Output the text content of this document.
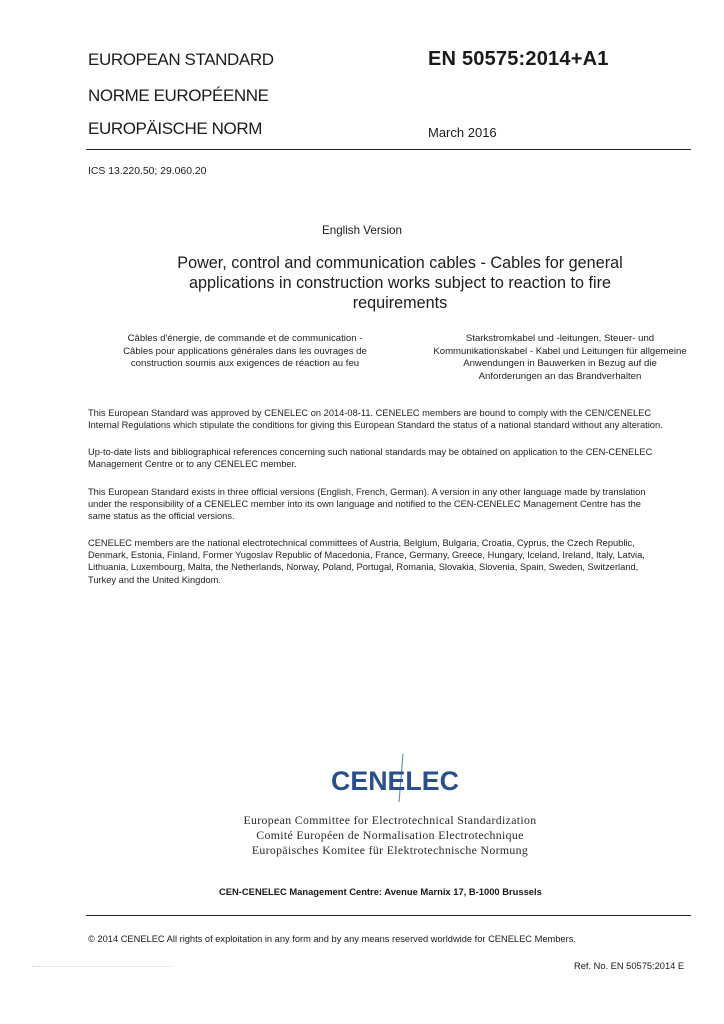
EUROPEAN STANDARD
NORME EUROPÉENNE
EUROPÄISCHE NORM
EN 50575:2014+A1
March 2016
ICS 13.220.50; 29.060.20
English Version
Power, control and communication cables - Cables for general
applications in construction works subject to reaction to fire
requirements
Câbles d'énergie, de commande et de communication -
Câbles pour applications générales dans les ouvrages de
construction soumis aux exigences de réaction au feu
Starkstromkabel und -leitungen, Steuer- und
Kommunikationskabel - Kabel und Leitungen für allgemeine
Anwendungen in Bauwerken in Bezug auf die
Anforderungen an das Brandverhalten
This European Standard was approved by CENELEC on 2014-08-11. CENELEC members are bound to comply with the CEN/CENELEC
Internal Regulations which stipulate the conditions for giving this European Standard the status of a national standard without any alteration.
Up-to-date lists and bibliographical references concerning such national standards may be obtained on application to the CEN-CENELEC
Management Centre or to any CENELEC member.
This European Standard exists in three official versions (English, French, German). A version in any other language made by translation
under the responsibility of a CENELEC member into its own language and notified to the CEN-CENELEC Management Centre has the
same status as the official versions.
CENELEC members are the national electrotechnical committees of Austria, Belgium, Bulgaria, Croatia, Cyprus, the Czech Republic,
Denmark, Estonia, Finland, Former Yugoslav Republic of Macedonia, France, Germany, Greece, Hungary, Iceland, Ireland, Italy, Latvia,
Lithuania, Luxembourg, Malta, the Netherlands, Norway, Poland, Portugal, Romania, Slovakia, Slovenia, Spain, Sweden, Switzerland,
Turkey and the United Kingdom.
CENELEC
European Committee for Electrotechnical Standardization
Comité Européen de Normalisation Electrotechnique
Europäisches Komitee für Elektrotechnische Normung
CEN-CENELEC Management Centre: Avenue Marnix 17, B-1000 Brussels
© 2014 CENELEC All rights of exploitation in any form and by any means reserved worldwide for CENELEC Members.
Ref. No. EN 50575:2014 E
